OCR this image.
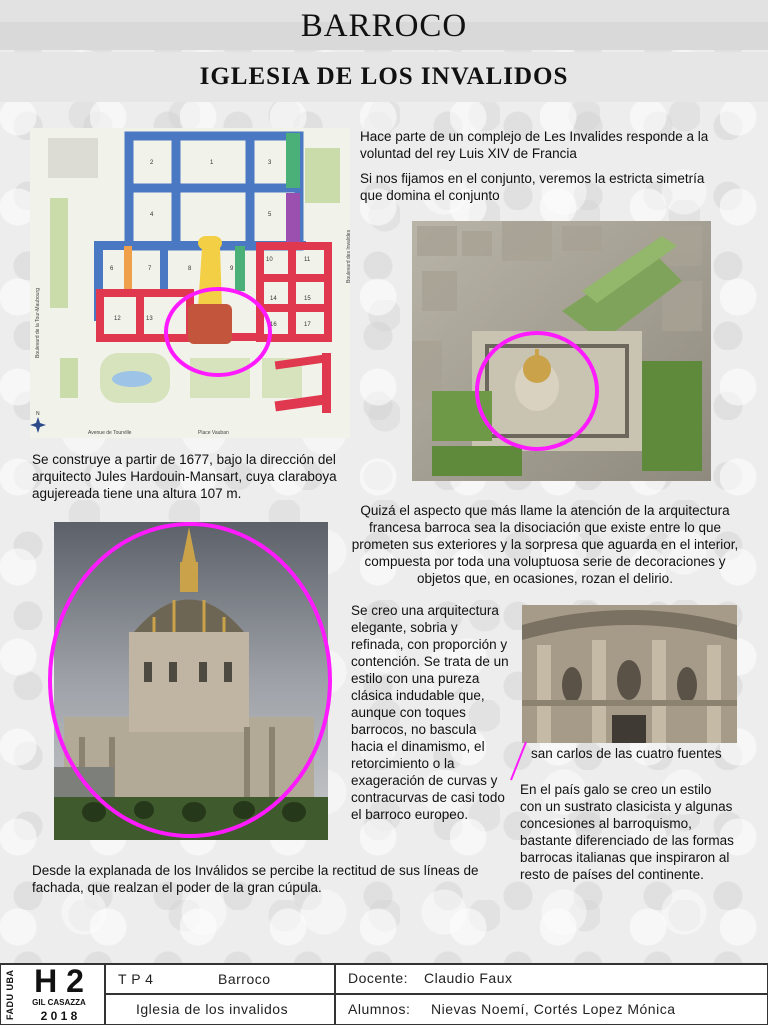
BARROCO
IGLESIA DE LOS INVALIDOS
1
2	3
4	5
6	7	8	9
10	11
12	13
14	15
16	17
Boulevard de la Tour-Maubourg
Boulevard des Invalides
Avenue de Tourville	Place Vauban
N
Hace parte de un complejo de Les Invalides responde a la voluntad del rey Luis XIV de Francia
Si nos fijamos en el conjunto, veremos la estricta simetría que domina el conjunto
Se construye a partir de 1677, bajo la dirección del arquitecto Jules Hardouin-Mansart, cuya claraboya agujereada tiene una altura 107 m.
Quizá el aspecto que más llame la atención de la arquitectura francesa barroca sea la disociación que existe entre lo que prometen sus exteriores y la sorpresa que aguarda en el interior, compuesta por toda una voluptuosa serie de decoraciones y objetos que, en ocasiones, rozan el delirio.
Se creo una arquitectura elegante, sobria y refinada, con proporción y contención. Se trata de un estilo con una pureza clásica indudable que, aunque con toques barrocos, no bascula hacia el dinamismo, el retorcimiento o la exageración de curvas y contracurvas de casi todo el barroco europeo.
san carlos de las cuatro fuentes
En el país galo se creo un estilo con un sustrato clasicista y algunas concesiones al barroquismo, bastante diferenciado de las formas barrocas italianas que inspiraron al resto de países del continente.
Desde la explanada de los Inválidos se percibe la rectitud de sus líneas de fachada, que realzan el poder de la gran cúpula.
FADU UBA H 2
GIL CASAZZA
2 0 1 8
T P 4	Barroco	Docente: Claudio Faux
Iglesia de los invalidos	Alumnos: Nievas Noemí, Cortés Lopez Mónica
